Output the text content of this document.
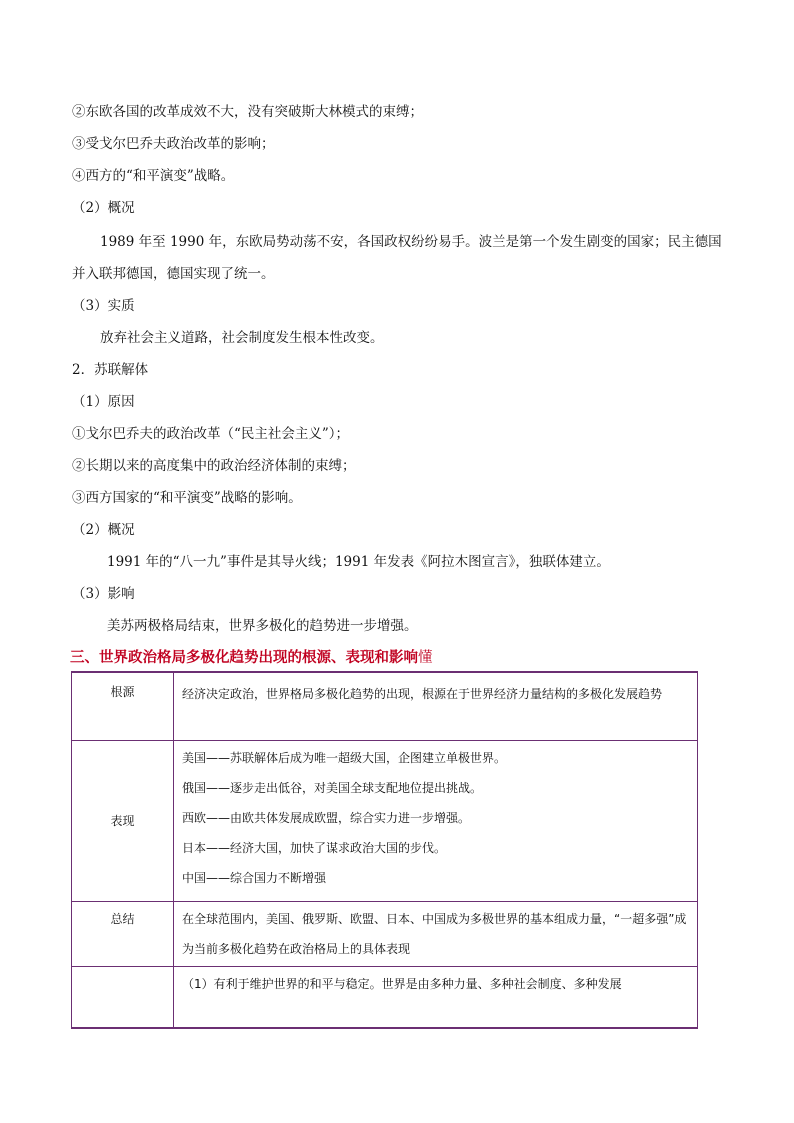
②东欧各国的改革成效不大，没有突破斯大林模式的束缚；
③受戈尔巴乔夫政治改革的影响；
④西方的“和平演变”战略。
（2）概况
1989 年至 1990 年，东欧局势动荡不安，各国政权纷纷易手。波兰是第一个发生剧变的国家；民主德国
并入联邦德国，德国实现了统一。
（3）实质
放弃社会主义道路，社会制度发生根本性改变。
2．苏联解体
（1）原因
①戈尔巴乔夫的政治改革（“民主社会主义”）；
②长期以来的高度集中的政治经济体制的束缚；
③西方国家的“和平演变”战略的影响。
（2）概况
1991 年的“八一九”事件是其导火线；1991 年发表《阿拉木图宣言》，独联体建立。
（3）影响
美苏两极格局结束，世界多极化的趋势进一步增强。
三、世界政治格局多极化趋势出现的根源、表现和影响懂
根源	经济决定政治，世界格局多极化趋势的出现，根源在于世界经济力量结构的多极化发展趋势

表现	美国——苏联解体后成为唯一超级大国，企图建立单极世界。

俄国——逐步走出低谷，对美国全球支配地位提出挑战。

西欧——由欧共体发展成欧盟，综合实力进一步增强。

日本——经济大国，加快了谋求政治大国的步伐。

中国——综合国力不断增强

总结	在全球范围内，美国、俄罗斯、欧盟、日本、中国成为多极世界的基本组成力量，“一超多强”成为当前多极化趋势在政治格局上的具体表现

	（1）有利于维护世界的和平与稳定。世界是由多种力量、多种社会制度、多种发展
